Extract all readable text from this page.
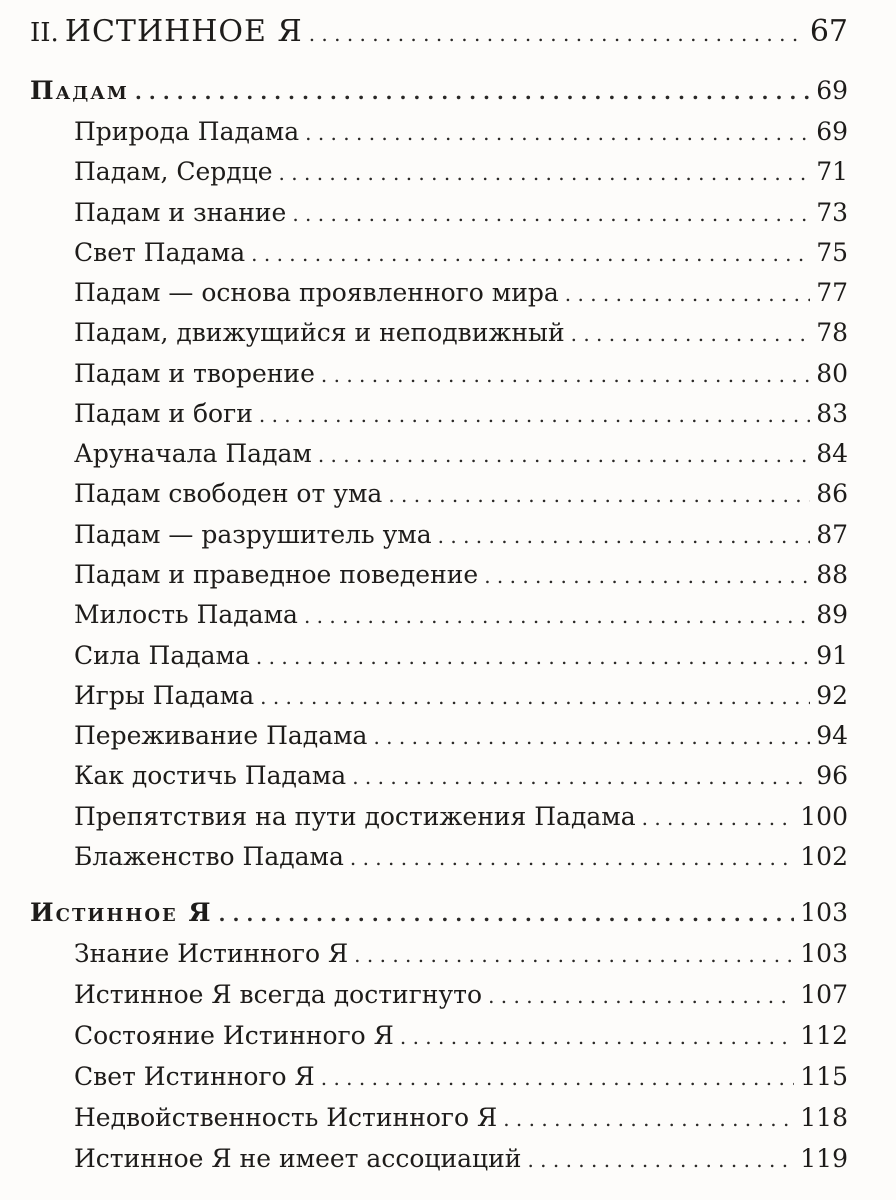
II. ИСТИННОЕ Я . . .	67
Падам . . .	69
Природа Падама . . .	69
Падам, Сердце . . .	71
Падам и знание . . .	73
Свет Падама . . .	75
Падам — основа проявленного мира . . .	77
Падам, движущийся и неподвижный . . .	78
Падам и творение . . .	80
Падам и боги . . .	83
Аруначала Падам . . .	84
Падам свободен от ума . . .	86
Падам — разрушитель ума . . .	87
Падам и праведное поведение . . .	88
Милость Падама . . .	89
Сила Падама . . .	91
Игры Падама . . .	92
Переживание Падама . . .	94
Как достичь Падама . . .	96
Препятствия на пути достижения Падама . . .	100
Блаженство Падама . . .	102
Истинное Я . . .	103
Знание Истинного Я . . .	103
Истинное Я всегда достигнуто . . .	107
Состояние Истинного Я . . .	112
Свет Истинного Я . . .	115
Недвойственность Истинного Я . . .	118
Истинное Я не имеет ассоциаций . . .	119
